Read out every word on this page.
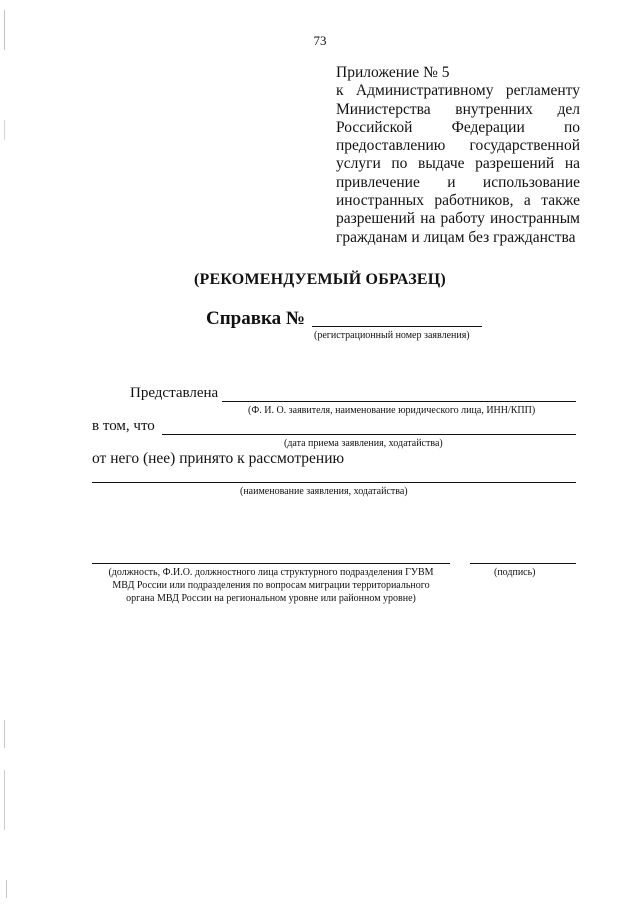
73
Приложение № 5
к Административному регламенту
Министерства внутренних дел
Российской Федерации по
предоставлению государственной
услуги по выдаче разрешений на
привлечение и использование
иностранных работников, а также
разрешений на работу иностранным
гражданам и лицам без гражданства
(РЕКОМЕНДУЕМЫЙ ОБРАЗЕЦ)
Справка №
(регистрационный номер заявления)
Представлена
(Ф. И. О. заявителя, наименование юридического лица, ИНН/КПП)
в том, что
(дата приема заявления, ходатайства)
от него (нее) принято к рассмотрению
(наименование заявления, ходатайства)
(должность, Ф.И.О. должностного лица структурного подразделения ГУВМ
МВД России или подразделения по вопросам миграции территориального
органа МВД России на региональном уровне или районном уровне)
(подпись)
